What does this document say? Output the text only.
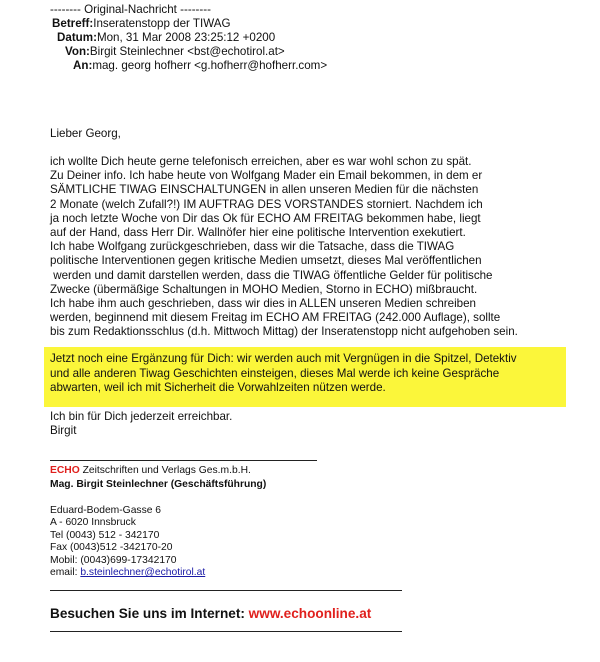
-------- Original-Nachricht --------
Betreff:Inseratenstopp der TIWAG
Datum:Mon, 31 Mar 2008 23:25:12 +0200
Von:Birgit Steinlechner <bst@echotirol.at>
An:mag. georg hofherr <g.hofherr@hofherr.com>
Lieber Georg,
ich wollte Dich heute gerne telefonisch erreichen, aber es war wohl schon zu spät.
Zu Deiner info. Ich habe heute von Wolfgang Mader ein Email bekommen, in dem er
SÄMTLICHE TIWAG EINSCHALTUNGEN in allen unseren Medien für die nächsten
2 Monate (welch Zufall?!) IM AUFTRAG DES VORSTANDES storniert. Nachdem ich
ja noch letzte Woche von Dir das Ok für ECHO AM FREITAG bekommen habe, liegt
auf der Hand, dass Herr Dir. Wallnöfer hier eine politische Intervention exekutiert.
Ich habe Wolfgang zurückgeschrieben, dass wir die Tatsache, dass die TIWAG
politische Interventionen gegen kritische Medien umsetzt, dieses Mal veröffentlichen
werden und damit darstellen werden, dass die TIWAG öffentliche Gelder für politische
Zwecke (übermäßige Schaltungen in MOHO Medien, Storno in ECHO) mißbraucht.
Ich habe ihm auch geschrieben, dass wir dies in ALLEN unseren Medien schreiben
werden, beginnend mit diesem Freitag im ECHO AM FREITAG (242.000 Auflage), sollte
bis zum Redaktionsschlus (d.h. Mittwoch Mittag) der Inseratenstopp nicht aufgehoben sein.
Jetzt noch eine Ergänzung für Dich: wir werden auch mit Vergnügen in die Spitzel, Detektiv
und alle anderen Tiwag Geschichten einsteigen, dieses Mal werde ich keine Gespräche
abwarten, weil ich mit Sicherheit die Vorwahlzeiten nützen werde.
Ich bin für Dich jederzeit erreichbar.
Birgit
ECHO Zeitschriften und Verlags Ges.m.b.H.
Mag. Birgit Steinlechner (Geschäftsführung)
Eduard-Bodem-Gasse 6
A - 6020 Innsbruck
Tel (0043) 512 - 342170
Fax (0043)512 -342170-20
Mobil: (0043)699-17342170
email: b.steinlechner@echotirol.at
Besuchen Sie uns im Internet: www.echoonline.at
